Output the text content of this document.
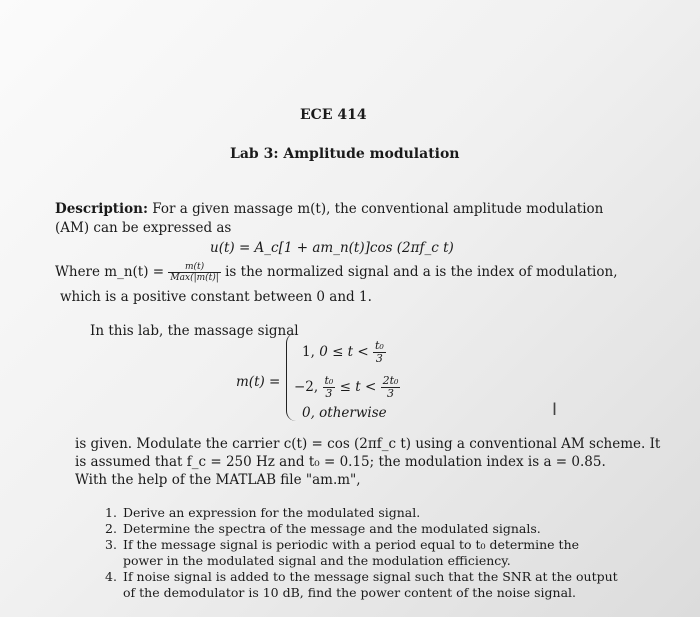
ECE 414
Lab 3: Amplitude modulation
Description: For a given massage m(t), the conventional amplitude modulation
(AM) can be expressed as
u(t) = A_c[1 + am_n(t)]cos (2πf_c t)
Where m_n(t) = $\frac{m(t)}{\text{Max(|m(t)|}}$ is the normalized signal and a is the index of modulation,
which is a positive constant between 0 and 1.
In this lab, the massage signal
m(t) =
1, $0 \le t < \frac{\text{t₀}}{3}$
−2, $\frac{\text{t₀}}{3} \le t < \frac{\text{2t₀}}{3}$
0, otherwise	I
is given. Modulate the carrier c(t) = cos (2πf_c t) using a conventional AM scheme. It
is assumed that f_c = 250 Hz and t₀ = 0.15; the modulation index is a = 0.85.
With the help of the MATLAB file "am.m",
1. Derive an expression for the modulated signal.
2. Determine the spectra of the message and the modulated signals.
3. If the message signal is periodic with a period equal to t₀ determine the
power in the modulated signal and the modulation efficiency.
4. If noise signal is added to the message signal such that the SNR at the output
of the demodulator is 10 dB, find the power content of the noise signal.
